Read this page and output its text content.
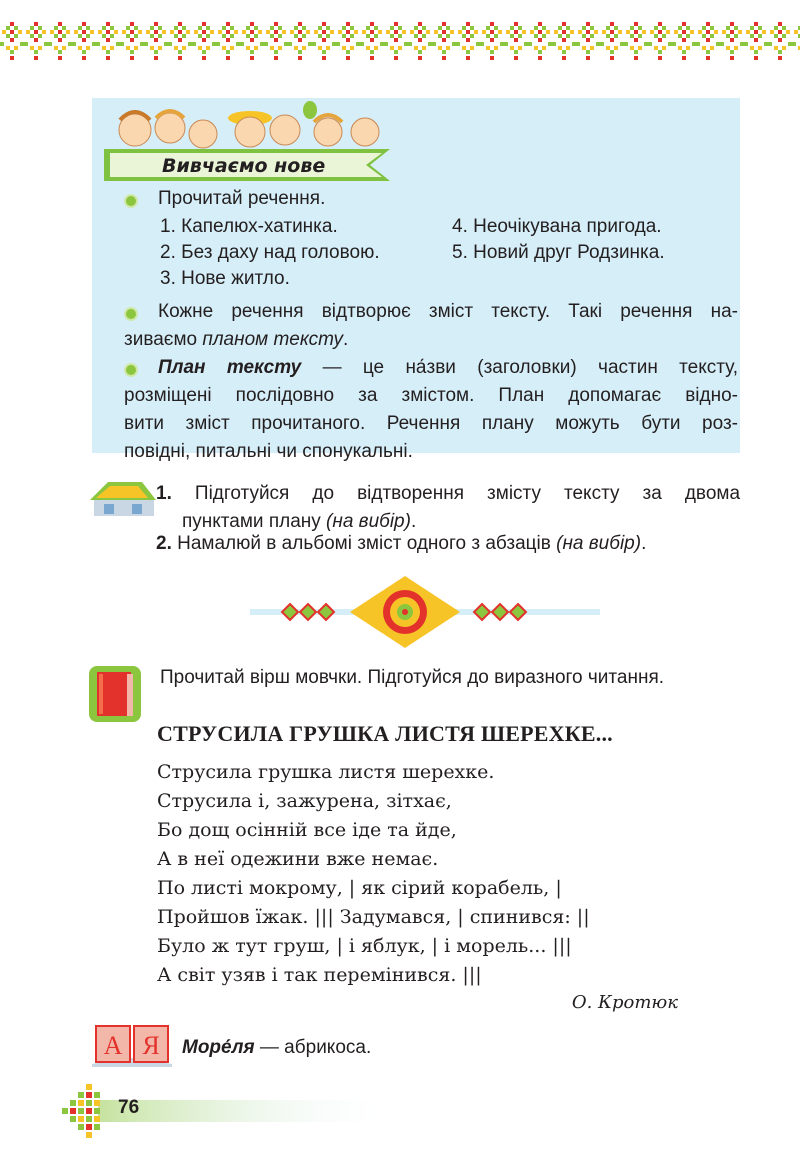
Вивчаємо нове
Прочитай речення.
1. Капелюх-хатинка.
2. Без даху над головою.
3. Нове житло.
4. Неочікувана пригода.
5. Новий друг Родзинка.
Кожне речення відтворює зміст тексту. Такі речення на-
зиваємо планом тексту.
План тексту — це на́зви (заголовки) частин тексту,
розміщені послідовно за змістом. План допомагає відно-
вити зміст прочитаного. Речення плану можуть бути роз-
повідні, питальні чи спонукальні.
1. Підготуйся до відтворення змісту тексту за двома
пунктами плану (на вибір).
2. Намалюй в альбомі зміст одного з абзаців (на вибір).
Прочитай вірш мовчки. Підготуйся до виразного читання.
СТРУСИЛА ГРУШКА ЛИСТЯ ШЕРЕХКЕ...
Струсила грушка листя шерехке.
Струсила і, зажурена, зітхає,
Бо дощ осінній все іде та йде,
А в неї одежини вже немає.
По листі мокрому, | як сірий корабель, |
Пройшов їжак. ||| Задумався, | спинився: ||
Було ж тут груш, | і яблук, | і морель... |||
А світ узяв і так перемінився. |||
О. Кротюк
А Я Море́ля — абрикоса.
76
